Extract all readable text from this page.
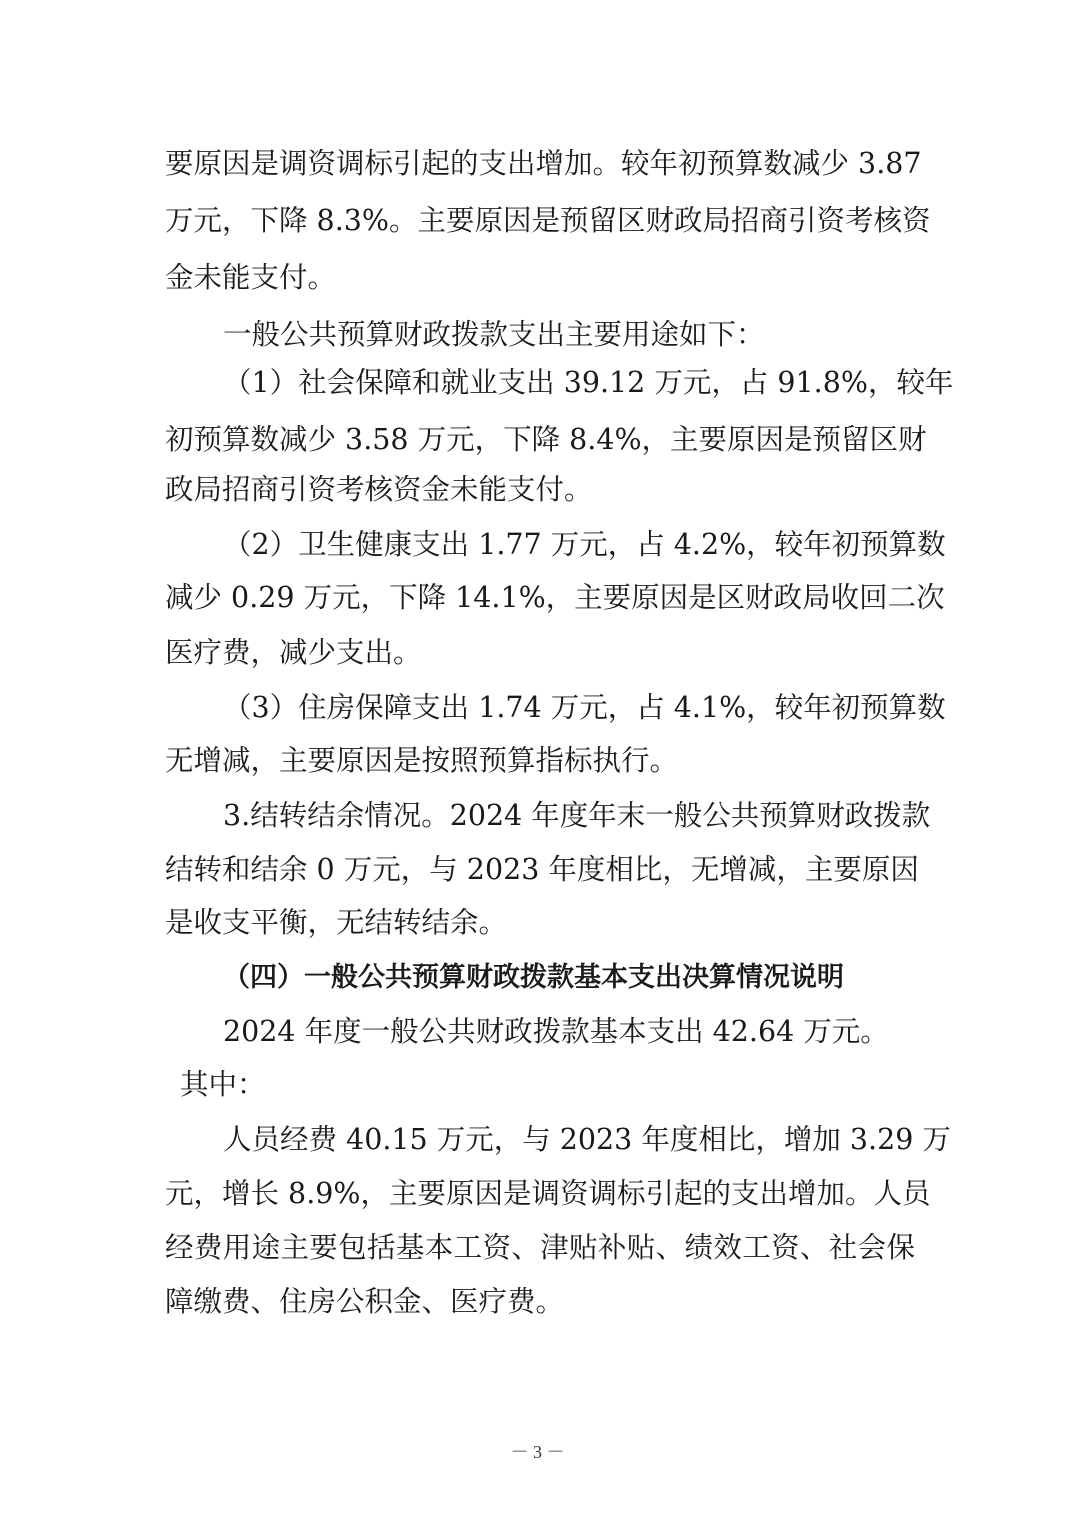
要原因是调资调标引起的支出增加。较年初预算数减少 3.87
万元，下降 8.3%。主要原因是预留区财政局招商引资考核资
金未能支付。
一般公共预算财政拨款支出主要用途如下：
（1）社会保障和就业支出 39.12 万元，占 91.8%，较年
初预算数减少 3.58 万元，下降 8.4%，主要原因是预留区财
政局招商引资考核资金未能支付。
（2）卫生健康支出 1.77 万元，占 4.2%，较年初预算数
减少 0.29 万元，下降 14.1%，主要原因是区财政局收回二次
医疗费，减少支出。
（3）住房保障支出 1.74 万元，占 4.1%，较年初预算数
无增减，主要原因是按照预算指标执行。
3.结转结余情况。2024 年度年末一般公共预算财政拨款
结转和结余 0 万元，与 2023 年度相比，无增减，主要原因
是收支平衡，无结转结余。
（四）一般公共预算财政拨款基本支出决算情况说明
2024 年度一般公共财政拨款基本支出 42.64 万元。
其中：
人员经费 40.15 万元，与 2023 年度相比，增加 3.29 万
元，增长 8.9%，主要原因是调资调标引起的支出增加。人员
经费用途主要包括基本工资、津贴补贴、绩效工资、社会保
障缴费、住房公积金、医疗费。
－ 3 －
